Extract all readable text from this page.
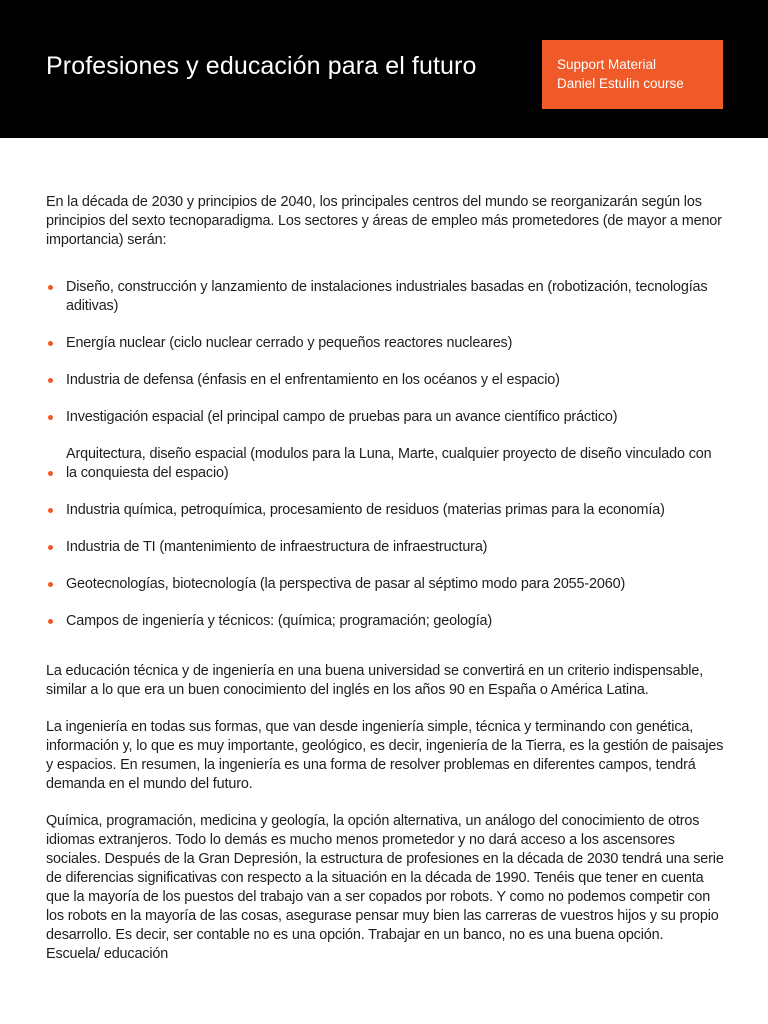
Profesiones y educación para el futuro	Support Material
Daniel Estulin course

En la década de 2030 y principios de 2040, los principales centros del mundo se reorganizarán según los principios del sexto tecnoparadigma. Los sectores y áreas de empleo más prometedores (de mayor a menor importancia) serán:

Diseño, construcción y lanzamiento de instalaciones industriales basadas en (robotización, tecnologías aditivas)
Energía nuclear (ciclo nuclear cerrado y pequeños reactores nucleares)
Industria de defensa (énfasis en el enfrentamiento en los océanos y el espacio)
Investigación espacial (el principal campo de pruebas para un avance científico práctico)
Arquitectura, diseño espacial (modulos para la Luna, Marte, cualquier proyecto de diseño vinculado con la conquiesta del espacio)
Industria química, petroquímica, procesamiento de residuos (materias primas para la economía)
Industria de TI (mantenimiento de infraestructura de infraestructura)
Geotecnologías, biotecnología (la perspectiva de pasar al séptimo modo para 2055-2060)
Campos de ingeniería y técnicos: (química; programación; geología)

La educación técnica y de ingeniería en una buena universidad se convertirá en un criterio indispensable, similar a lo que era un buen conocimiento del inglés en los años 90 en España o América Latina.

La ingeniería en todas sus formas, que van desde ingeniería simple, técnica y terminando con genética, información y, lo que es muy importante, geológico, es decir, ingeniería de la Tierra, es la gestión de paisajes y espacios. En resumen, la ingeniería es una forma de resolver problemas en diferentes campos, tendrá demanda en el mundo del futuro.

Química, programación, medicina y geología, la opción alternativa, un análogo del conocimiento de otros idiomas extranjeros. Todo lo demás es mucho menos prometedor y no dará acceso a los ascensores sociales. Después de la Gran Depresión, la estructura de profesiones en la década de 2030 tendrá una serie de diferencias significativas con respecto a la situación en la década de 1990. Tenéis que tener en cuenta que la mayoría de los puestos del trabajo van a ser copados por robots. Y como no podemos competir con los robots en la mayoría de las cosas, asegurase pensar muy bien las carreras de vuestros hijos y su propio desarrollo. Es decir, ser contable no es una opción. Trabajar en un banco, no es una buena opción.

Escuela/ educación
